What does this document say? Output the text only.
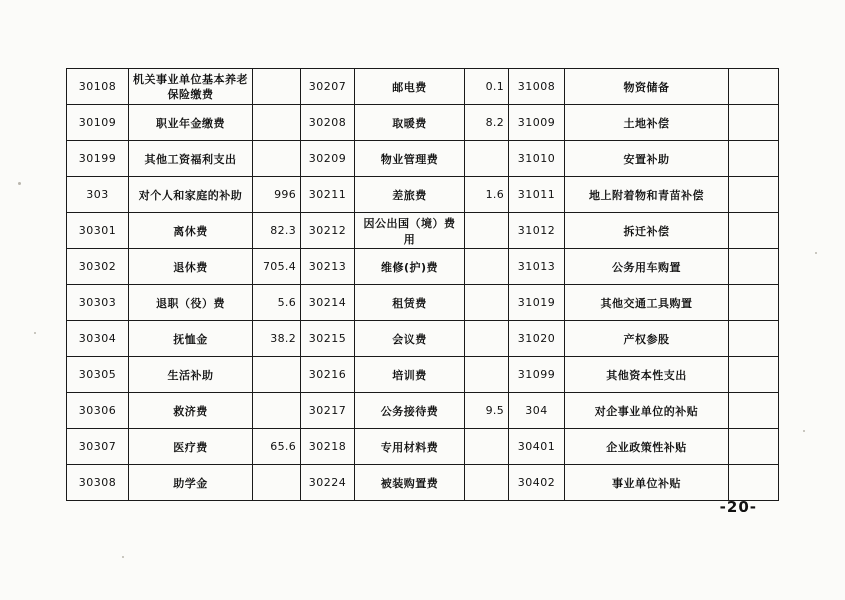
30108	机关事业单位基本养老保险缴费		30207	邮电费	0.1	31008	物资储备	
30109	职业年金缴费		30208	取暖费	8.2	31009	土地补偿	
30199	其他工资福利支出		30209	物业管理费		31010	安置补助	
303	对个人和家庭的补助	996	30211	差旅费	1.6	31011	地上附着物和青苗补偿	
30301	离休费	82.3	30212	因公出国（境）费用		31012	拆迁补偿	
30302	退休费	705.4	30213	维修(护)费		31013	公务用车购置	
30303	退职（役）费	5.6	30214	租赁费		31019	其他交通工具购置	
30304	抚恤金	38.2	30215	会议费		31020	产权参股	
30305	生活补助		30216	培训费		31099	其他资本性支出	
30306	救济费		30217	公务接待费	9.5	304	对企事业单位的补贴	
30307	医疗费	65.6	30218	专用材料费		30401	企业政策性补贴	
30308	助学金		30224	被装购置费		30402	事业单位补贴	
-20-
